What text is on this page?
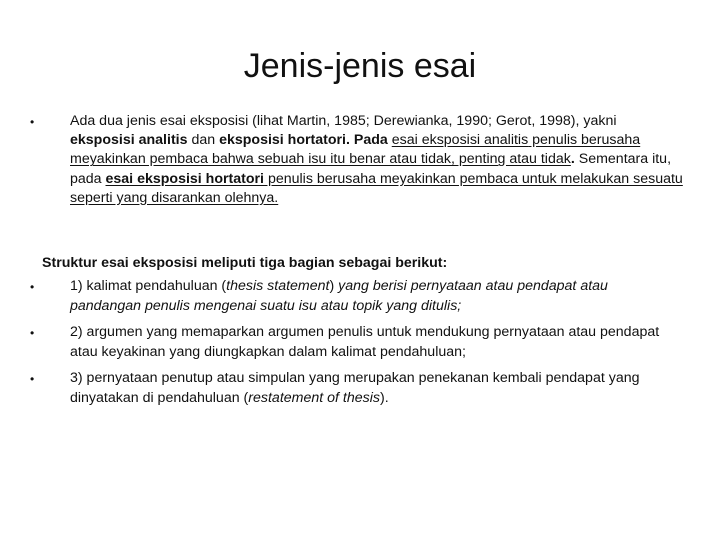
Jenis-jenis esai
•	Ada dua jenis esai eksposisi (lihat Martin, 1985; Derewianka, 1990; Gerot, 1998), yakni eksposisi analitis dan eksposisi hortatori. Pada esai eksposisi analitis penulis berusaha meyakinkan pembaca bahwa sebuah isu itu benar atau tidak, penting atau tidak. Sementara itu, pada esai eksposisi hortatori penulis berusaha meyakinkan pembaca untuk melakukan sesuatu seperti yang disarankan olehnya.
Struktur esai eksposisi meliputi tiga bagian sebagai berikut:
•	1) kalimat pendahuluan (thesis statement) yang berisi pernyataan atau pendapat atau pandangan penulis mengenai suatu isu atau topik yang ditulis;
•	2) argumen yang memaparkan argumen penulis untuk mendukung pernyataan atau pendapat atau keyakinan yang diungkapkan dalam kalimat pendahuluan;
•	3) pernyataan penutup atau simpulan yang merupakan penekanan kembali pendapat yang dinyatakan di pendahuluan (restatement of thesis).
